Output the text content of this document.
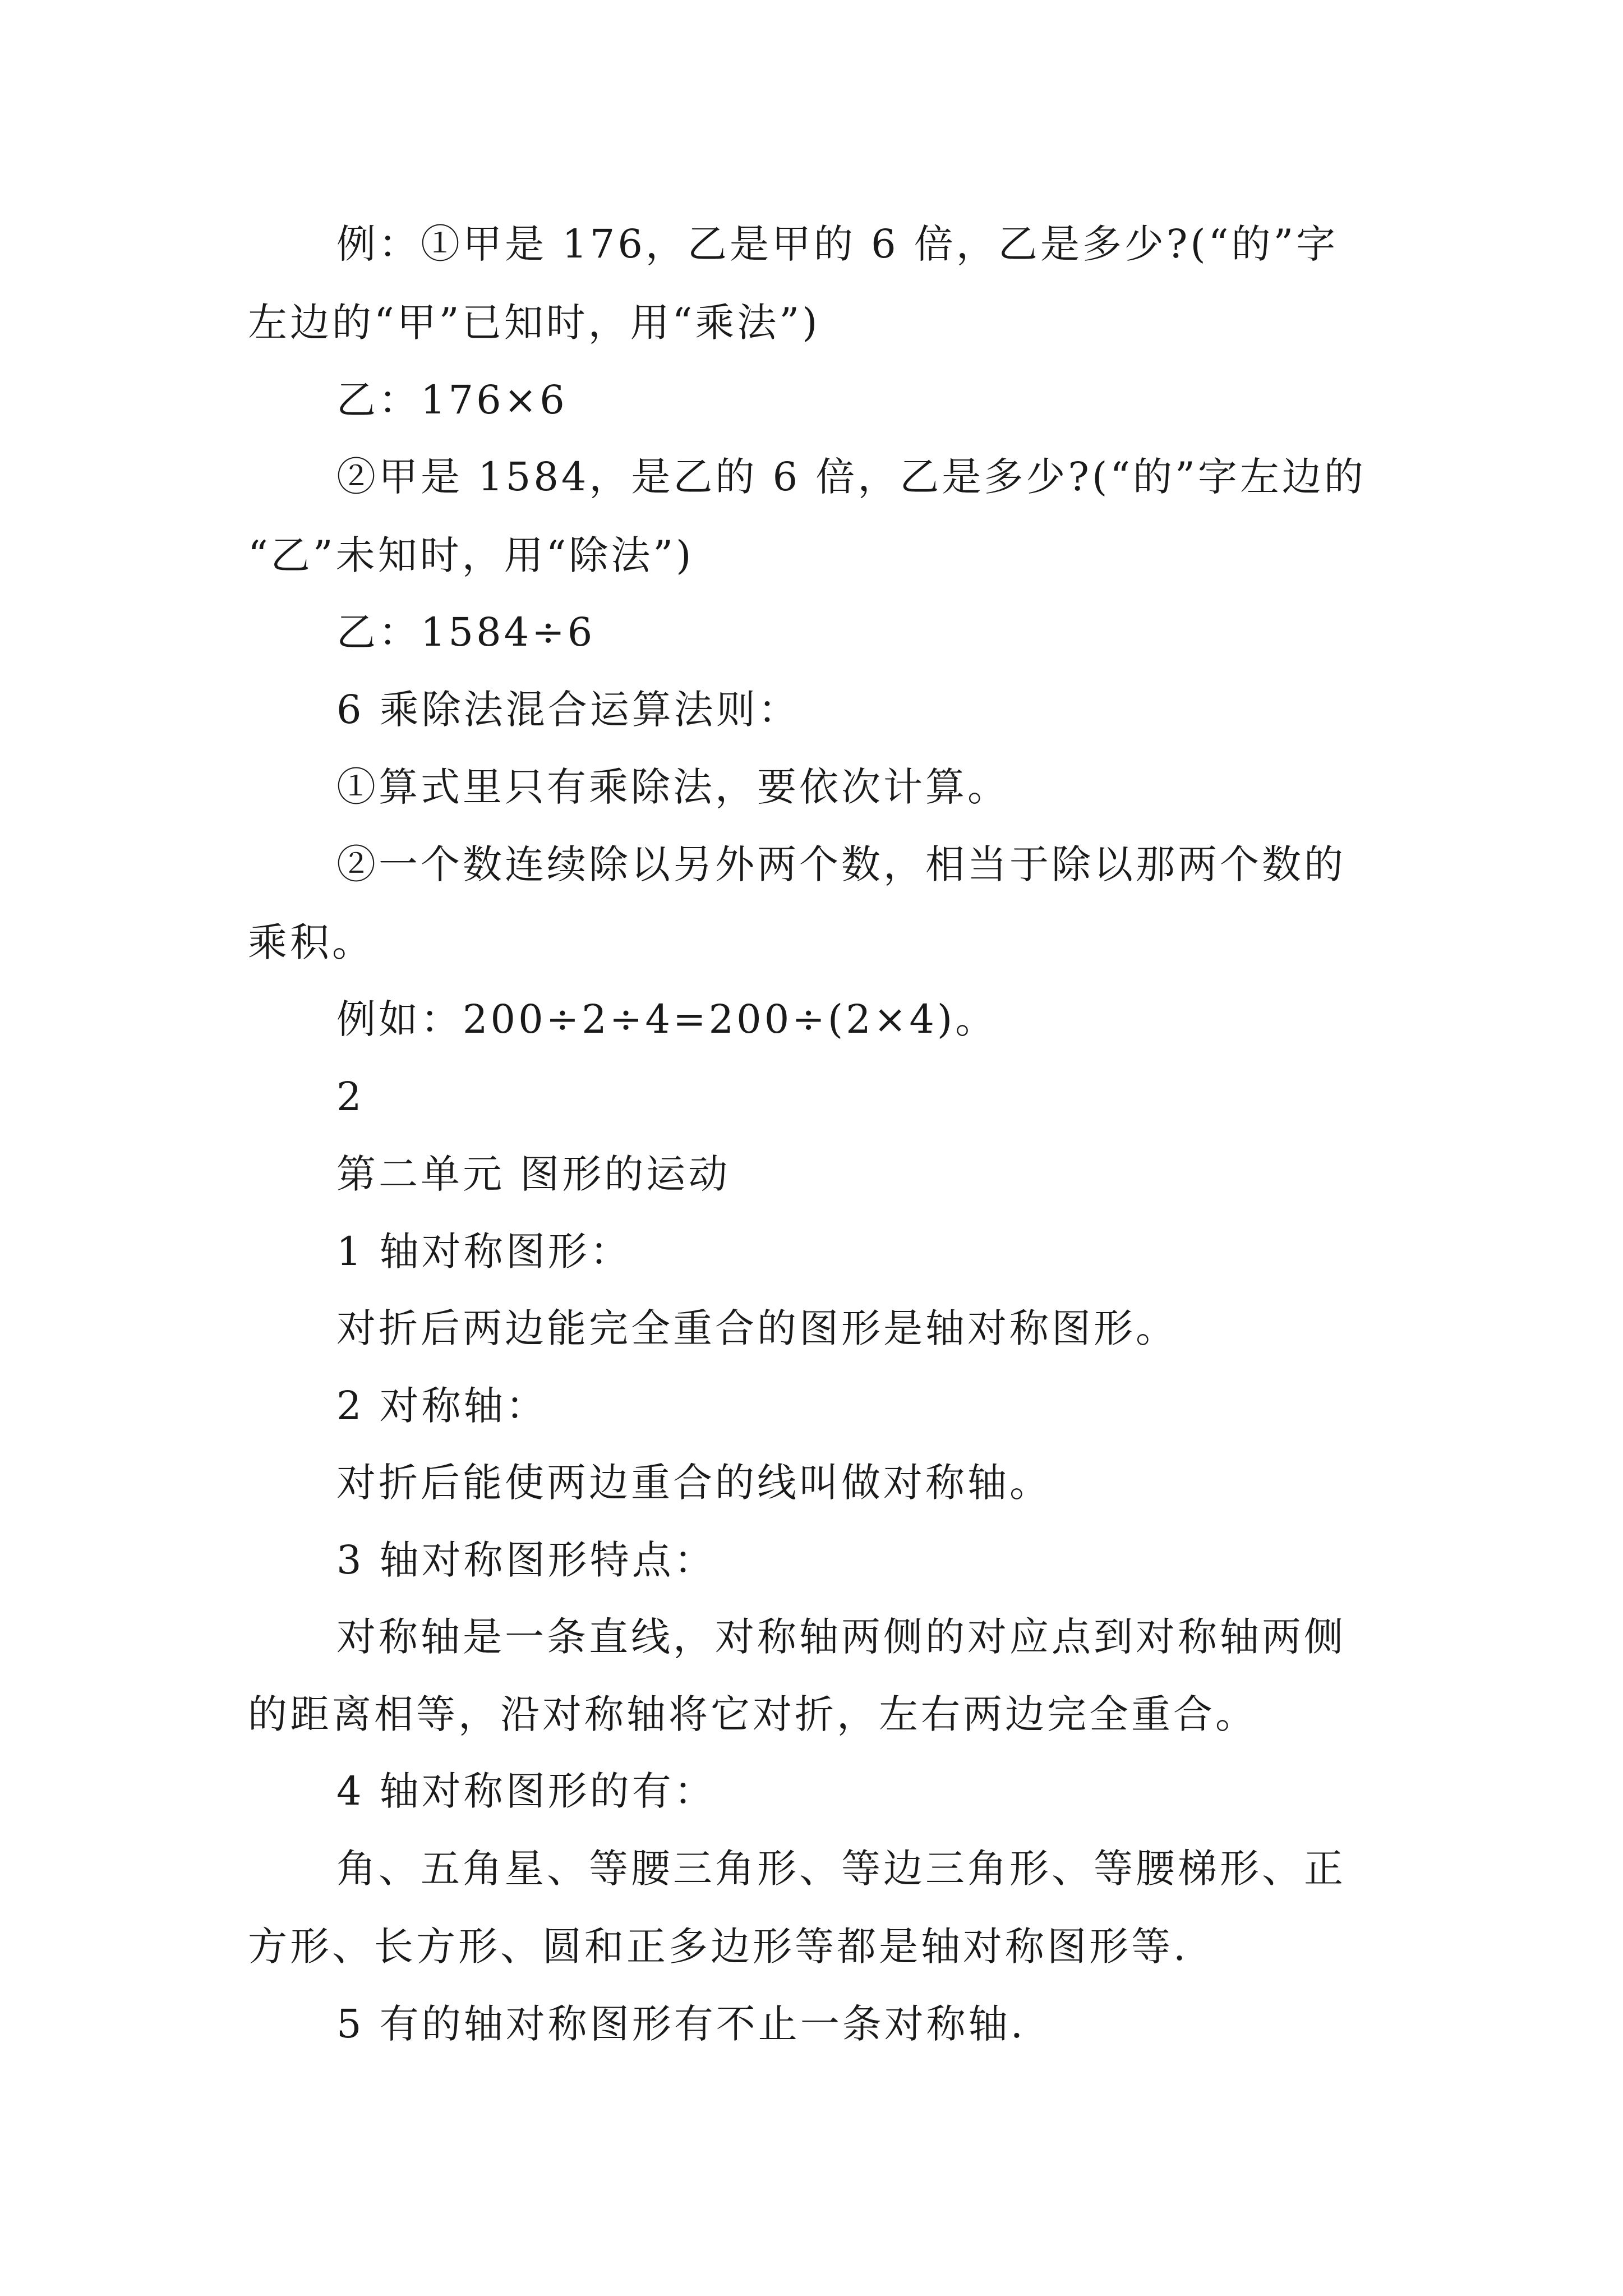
例：①甲是 176，乙是甲的 6 倍，乙是多少?(“的”字
左边的“甲”已知时，用“乘法”)
乙：176×6
②甲是 1584，是乙的 6 倍，乙是多少?(“的”字左边的
“乙”未知时，用“除法”)
乙：1584÷6
6 乘除法混合运算法则：
①算式里只有乘除法，要依次计算。
②一个数连续除以另外两个数，相当于除以那两个数的
乘积。
例如：200÷2÷4=200÷(2×4)。
2
第二单元 图形的运动
1 轴对称图形：
对折后两边能完全重合的图形是轴对称图形。
2 对称轴：
对折后能使两边重合的线叫做对称轴。
3 轴对称图形特点：
对称轴是一条直线，对称轴两侧的对应点到对称轴两侧
的距离相等，沿对称轴将它对折，左右两边完全重合。
4 轴对称图形的有：
角、五角星、等腰三角形、等边三角形、等腰梯形、正
方形、长方形、圆和正多边形等都是轴对称图形等.
5 有的轴对称图形有不止一条对称轴.
